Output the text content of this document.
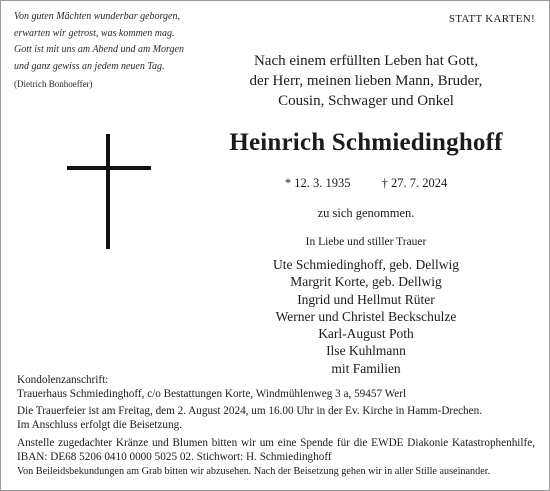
Von guten Mächten wunderbar geborgen,
erwarten wir getrost, was kommen mag.
Gott ist mit uns am Abend und am Morgen
und ganz gewiss an jedem neuen Tag.
(Dietrich Bonhoeffer)
STATT KARTEN!
Nach einem erfüllten Leben hat Gott,
der Herr, meinen lieben Mann, Bruder,
Cousin, Schwager und Onkel
Heinrich Schmiedinghoff
* 12. 3. 1935 † 27. 7. 2024
zu sich genommen.
In Liebe und stiller Trauer
Ute Schmiedinghoff, geb. Dellwig
Margrit Korte, geb. Dellwig
Ingrid und Hellmut Rüter
Werner und Christel Beckschulze
Karl-August Poth
Ilse Kuhlmann
mit Familien
Kondolenzanschrift:
Trauerhaus Schmiedinghoff, c/o Bestattungen Korte, Windmühlenweg 3 a, 59457 Werl
Die Trauerfeier ist am Freitag, dem 2. August 2024, um 16.00 Uhr in der Ev. Kirche in Hamm-Drechen.
Im Anschluss erfolgt die Beisetzung.
Anstelle zugedachter Kränze und Blumen bitten wir um eine Spende für die EWDE Diakonie Katastrophenhilfe, IBAN: DE68 5206 0410 0000 5025 02. Stichwort: H. Schmiedinghoff
Von Beileidsbekundungen am Grab bitten wir abzusehen. Nach der Beisetzung gehen wir in aller Stille auseinander.
